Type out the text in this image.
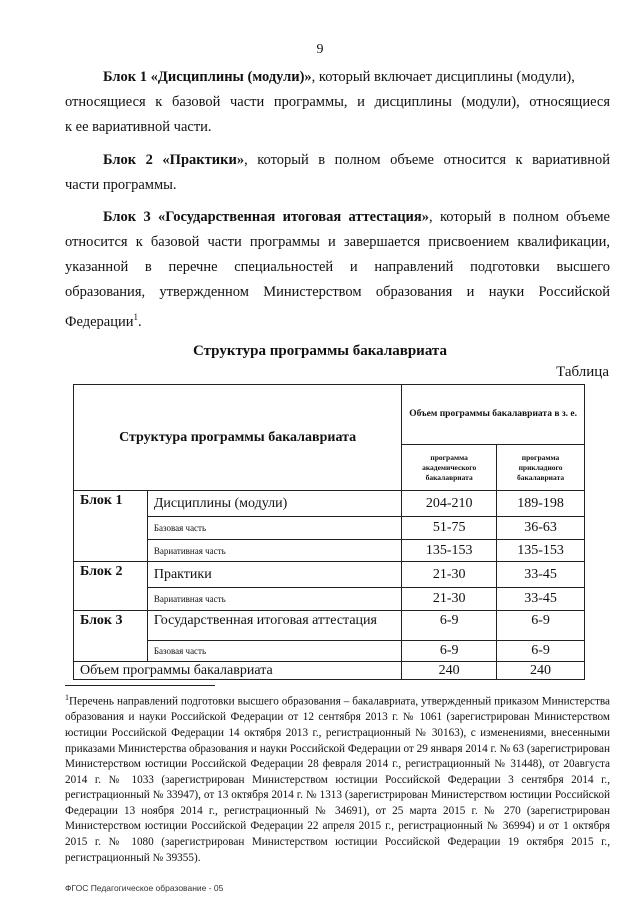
9
Блок 1 «Дисциплины (модули)», который включает дисциплины (модули),
относящиеся к базовой части программы, и дисциплины (модули), относящиеся
к ее вариативной части.
Блок 2 «Практики», который в полном объеме относится к вариативной
части программы.
Блок 3 «Государственная итоговая аттестация», который в полном объеме
относится к базовой части программы и завершается присвоением квалификации,
указанной в перечне специальностей и направлений подготовки высшего
образования, утвержденном Министерством образования и науки Российской
Федерации$^1$.
Структура программы бакалавриата
Таблица
Структура программы бакалавриата		Объем программы бакалавриата в з. е.	
		программа академического бакалавриата	программа прикладного бакалавриата
Блок 1	Дисциплины (модули)	204-210	189-198
	Базовая часть	51-75	36-63
	Вариативная часть	135-153	135-153
Блок 2	Практики	21-30	33-45
	Вариативная часть	21-30	33-45
Блок 3	Государственная итоговая аттестация	6-9	6-9
	Базовая часть	6-9	6-9
Объем программы бакалавриата		240	240
$^1$Перечень направлений подготовки высшего образования – бакалавриата, утвержденный приказом Министерства образования и науки Российской Федерации от 12 сентября 2013 г. № 1061 (зарегистрирован Министерством юстиции Российской Федерации 14 октября 2013 г., регистрационный № 30163), с изменениями, внесенными приказами Министерства образования и науки Российской Федерации от 29 января 2014 г. № 63 (зарегистрирован Министерством юстиции Российской Федерации 28 февраля 2014 г., регистрационный № 31448), от 20августа 2014 г. № 1033 (зарегистрирован Министерством юстиции Российской Федерации 3 сентября 2014 г., регистрационный № 33947), от 13 октября 2014 г. № 1313 (зарегистрирован Министерством юстиции Российской Федерации 13 ноября 2014 г., регистрационный № 34691), от 25 марта 2015 г. № 270 (зарегистрирован Министерством юстиции Российской Федерации 22 апреля 2015 г., регистрационный № 36994) и от 1 октября 2015 г. № 1080 (зарегистрирован Министерством юстиции Российской Федерации 19 октября 2015 г., регистрационный № 39355).
ФГОС Педагогическое образование - 05
